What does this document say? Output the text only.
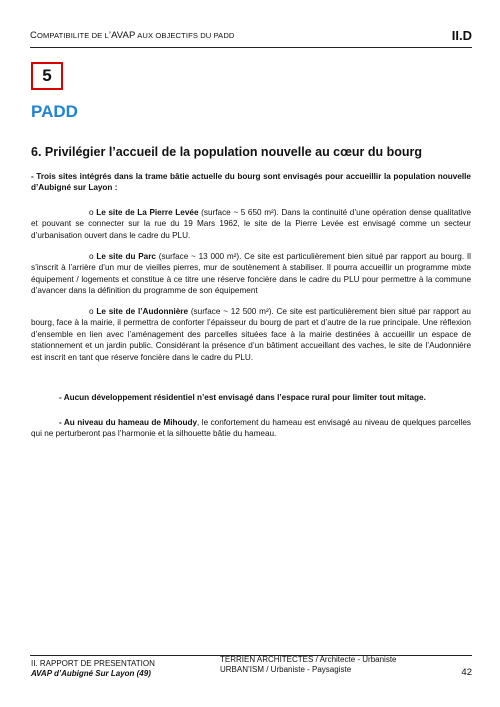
COMPATIBILITE DE L’AVAP AUX OBJECTIFS DU PADD	II.D
5
PADD
6. Privilégier l’accueil de la population nouvelle au cœur du bourg

- Trois sites intégrés dans la trame bâtie actuelle du bourg sont envisagés pour accueillir la population nouvelle d’Aubigné sur Layon :

o Le site de La Pierre Levée (surface ~ 5 650 m²). Dans la continuité d’une opération dense qualitative et pouvant se connecter sur la rue du 19 Mars 1962, le site de la Pierre Levée est envisagé comme un secteur d’urbanisation ouvert dans le cadre du PLU.

o Le site du Parc (surface ~ 13 000 m²). Ce site est particulièrement bien situé par rapport au bourg. Il s’inscrit à l’arrière d’un mur de vieilles pierres, mur de soutènement à stabiliser. Il pourra accueillir un programme mixte équipement / logements et constitue à ce titre une réserve foncière dans le cadre du PLU pour permettre à la commune d’avancer dans la définition du programme de son équipement

o Le site de l’Audonnière (surface ~ 12 500 m²). Ce site est particulièrement bien situé par rapport au bourg, face à la mairie, il permettra de conforter l’épaisseur du bourg de part et d’autre de la rue principale. Une réflexion d’ensemble en lien avec l’aménagement des parcelles situées face à la mairie destinées à accueillir un espace de stationnement et un jardin public. Considérant la présence d’un bâtiment accueillant des vaches, le site de l’Audonnière est inscrit en tant que réserve foncière dans le cadre du PLU.

- Aucun développement résidentiel n’est envisagé dans l’espace rural pour limiter tout mitage.

- Au niveau du hameau de Mihoudy, le confortement du hameau est envisagé au niveau de quelques parcelles qui ne perturberont pas l’harmonie et la silhouette bâtie du hameau.

II. RAPPORT DE PRESENTATION
AVAP d’Aubigné Sur Layon (49)
TERRIEN ARCHITECTES / Architecte - Urbaniste
URBAN’ISM / Urbaniste - Paysagiste	42
